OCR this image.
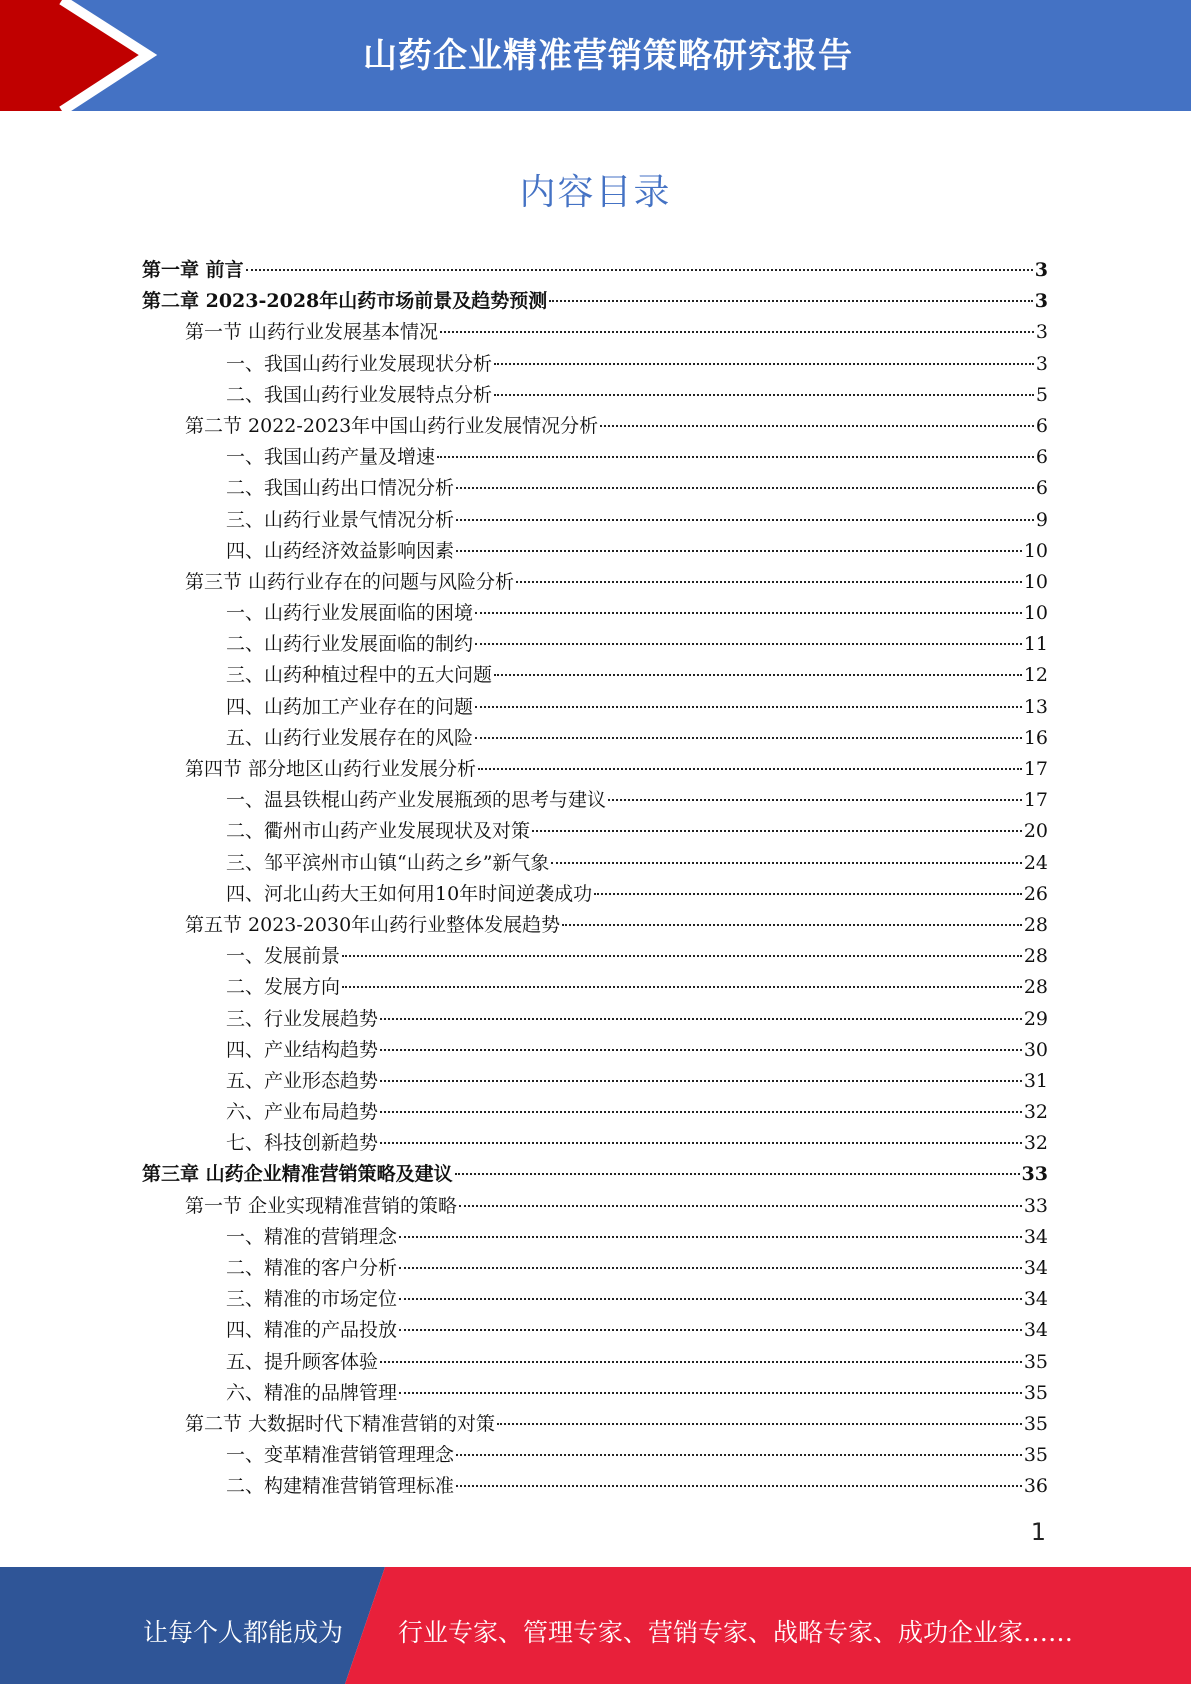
山药企业精准营销策略研究报告
内容目录
第一章 前言	3
第二章 2023-2028年山药市场前景及趋势预测	3
第一节 山药行业发展基本情况	3
一、我国山药行业发展现状分析	3
二、我国山药行业发展特点分析	5
第二节 2022-2023年中国山药行业发展情况分析	6
一、我国山药产量及增速	6
二、我国山药出口情况分析	6
三、山药行业景气情况分析	9
四、山药经济效益影响因素	10
第三节 山药行业存在的问题与风险分析	10
一、山药行业发展面临的困境	10
二、山药行业发展面临的制约	11
三、山药种植过程中的五大问题	12
四、山药加工产业存在的问题	13
五、山药行业发展存在的风险	16
第四节 部分地区山药行业发展分析	17
一、温县铁棍山药产业发展瓶颈的思考与建议	17
二、衢州市山药产业发展现状及对策	20
三、邹平滨州市山镇“山药之乡”新气象	24
四、河北山药大王如何用10年时间逆袭成功	26
第五节 2023-2030年山药行业整体发展趋势	28
一、发展前景	28
二、发展方向	28
三、行业发展趋势	29
四、产业结构趋势	30
五、产业形态趋势	31
六、产业布局趋势	32
七、科技创新趋势	32
第三章 山药企业精准营销策略及建议	33
第一节 企业实现精准营销的策略	33
一、精准的营销理念	34
二、精准的客户分析	34
三、精准的市场定位	34
四、精准的产品投放	34
五、提升顾客体验	35
六、精准的品牌管理	35
第二节 大数据时代下精准营销的对策	35
一、变革精准营销管理理念	35
二、构建精准营销管理标准	36
1
让每个人都能成为 行业专家、管理专家、营销专家、战略专家、成功企业家……
